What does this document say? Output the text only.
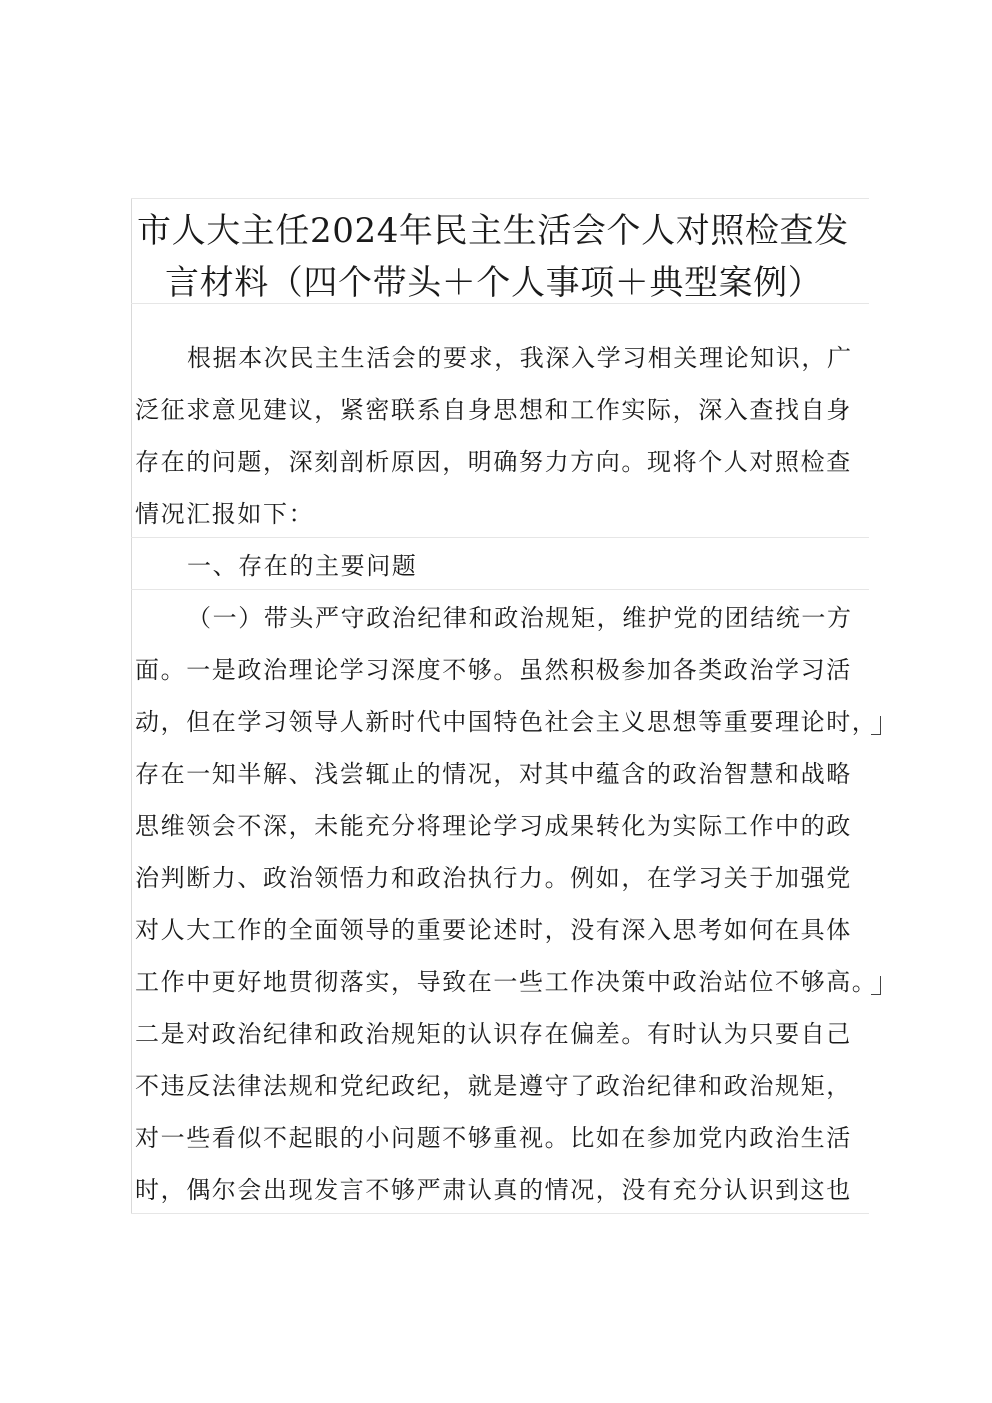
市人大主任2024年民主生活会个人对照检查发
言材料（四个带头＋个人事项＋典型案例）
根据本次民主生活会的要求，我深入学习相关理论知识，广
泛征求意见建议，紧密联系自身思想和工作实际，深入查找自身
存在的问题，深刻剖析原因，明确努力方向。现将个人对照检查
情况汇报如下：
一、存在的主要问题
（一）带头严守政治纪律和政治规矩，维护党的团结统一方
面。一是政治理论学习深度不够。虽然积极参加各类政治学习活
动，但在学习领导人新时代中国特色社会主义思想等重要理论时，
存在一知半解、浅尝辄止的情况，对其中蕴含的政治智慧和战略
思维领会不深，未能充分将理论学习成果转化为实际工作中的政
治判断力、政治领悟力和政治执行力。例如，在学习关于加强党
对人大工作的全面领导的重要论述时，没有深入思考如何在具体
工作中更好地贯彻落实，导致在一些工作决策中政治站位不够高。
二是对政治纪律和政治规矩的认识存在偏差。有时认为只要自己
不违反法律法规和党纪政纪，就是遵守了政治纪律和政治规矩，
对一些看似不起眼的小问题不够重视。比如在参加党内政治生活
时，偶尔会出现发言不够严肃认真的情况，没有充分认识到这也
